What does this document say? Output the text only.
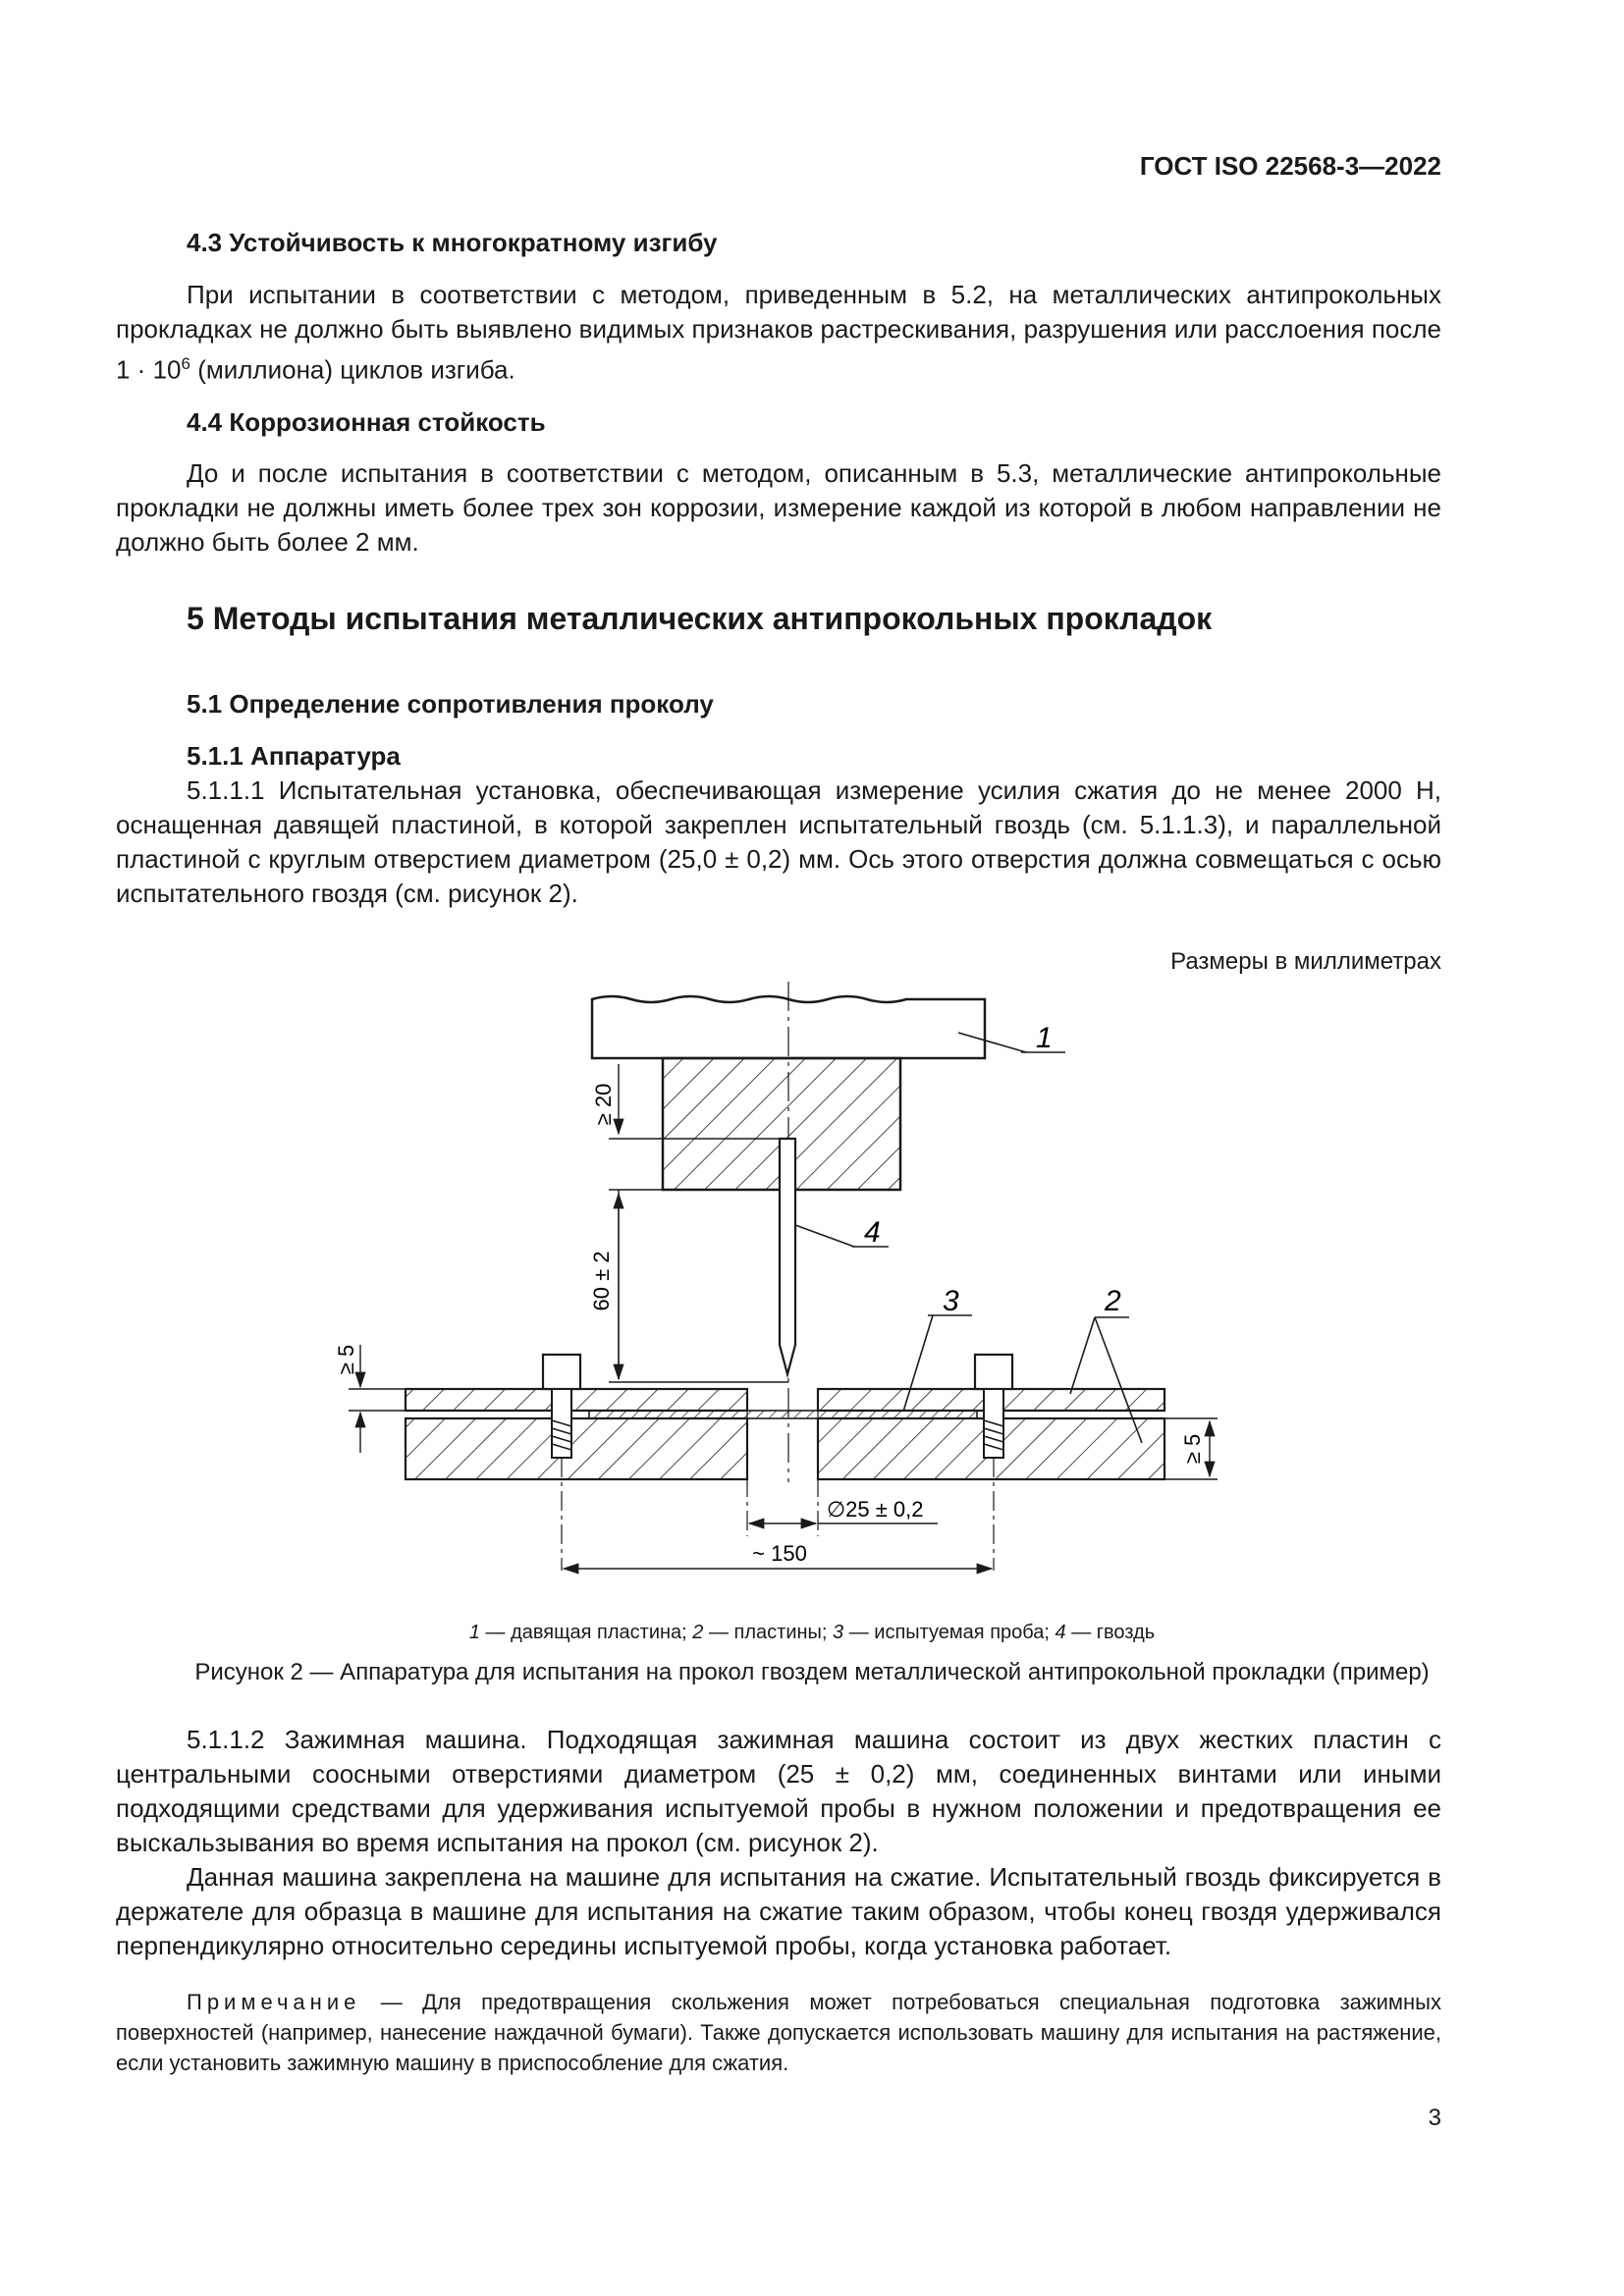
ГОСТ ISO 22568-3—2022
4.3 Устойчивость к многократному изгибу

При испытании в соответствии с методом, приведенным в 5.2, на металлических антипрокольных прокладках не должно быть выявлено видимых признаков растрескивания, разрушения или расслоения после $1 \cdot 10^6$ (миллиона) циклов изгиба.

4.4 Коррозионная стойкость

До и после испытания в соответствии с методом, описанным в 5.3, металлические антипрокольные прокладки не должны иметь более трех зон коррозии, измерение каждой из которой в любом направлении не должно быть более 2 мм.

5 Методы испытания металлических антипрокольных прокладок
5.1 Определение сопротивления проколу
5.1.1 Аппаратура

5.1.1.1 Испытательная установка, обеспечивающая измерение усилия сжатия до не менее 2000 Н, оснащенная давящей пластиной, в которой закреплен испытательный гвоздь (см. 5.1.1.3), и параллельной пластиной с круглым отверстием диаметром (25,0 ± 0,2) мм. Ось этого отверстия должна совмещаться с осью испытательного гвоздя (см. рисунок 2).

Размеры в миллиметрах
≥ 20
60 ± 2
1
4
3	2
≥ 5
≥ 5
∅25 ± 0,2
~ 150
1 — давящая пластина; 2 — пластины; 3 — испытуемая проба; 4 — гвоздь
Рисунок 2 — Аппаратура для испытания на прокол гвоздем металлической антипрокольной прокладки (пример)

5.1.1.2 Зажимная машина. Подходящая зажимная машина состоит из двух жестких пластин с центральными соосными отверстиями диаметром (25 ± 0,2) мм, соединенных винтами или иными подходящими средствами для удерживания испытуемой пробы в нужном положении и предотвращения ее выскальзывания во время испытания на прокол (см. рисунок 2).

Данная машина закреплена на машине для испытания на сжатие. Испытательный гвоздь фиксируется в держателе для образца в машине для испытания на сжатие таким образом, чтобы конец гвоздя удерживался перпендикулярно относительно середины испытуемой пробы, когда установка работает.

Примечание — Для предотвращения скольжения может потребоваться специальная подготовка зажимных поверхностей (например, нанесение наждачной бумаги). Также допускается использовать машину для испытания на растяжение, если установить зажимную машину в приспособление для сжатия.
3
